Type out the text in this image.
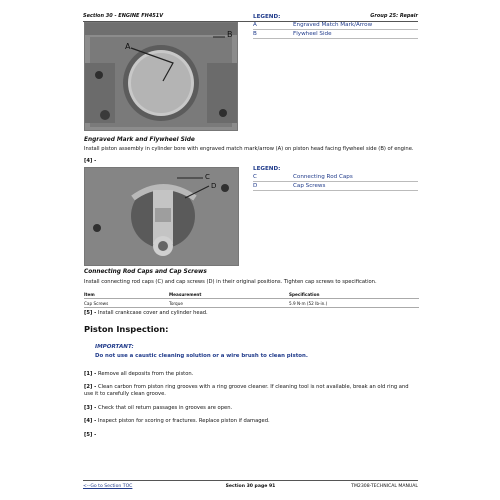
Section 30 - ENGINE FH451V	Group 25: Repair
A
B
LEGEND:
A	Engraved Match Mark/Arrow
B	Flywheel Side
Engraved Mark and Flywheel Side
Install piston assembly in cylinder bore with engraved match mark/arrow (A) on piston head facing flywheel side (B) of engine.
[4] -
C
D
LEGEND:
C	Connecting Rod Caps
D	Cap Screws
Connecting Rod Caps and Cap Screws
Install connecting rod caps (C) and cap screws (D) in their original positions. Tighten cap screws to specification.
Item	Measurement	Specification
Cap Screws	Torque	5.9 N·m (52 lb-in.)
[5] - Install crankcase cover and cylinder head.
Piston Inspection:
IMPORTANT:
Do not use a caustic cleaning solution or a wire brush to clean piston.
[1] - Remove all deposits from the piston.
[2] - Clean carbon from piston ring grooves with a ring groove cleaner. If cleaning tool is not available, break an old ring and use it to carefully clean groove.
[3] - Check that oil return passages in grooves are open.
[4] - Inspect piston for scoring or fractures. Replace piston if damaged.
[5] -
<--Go to Section TOC	Section 30 page 91	TM2308-TECHNICAL MANUAL
